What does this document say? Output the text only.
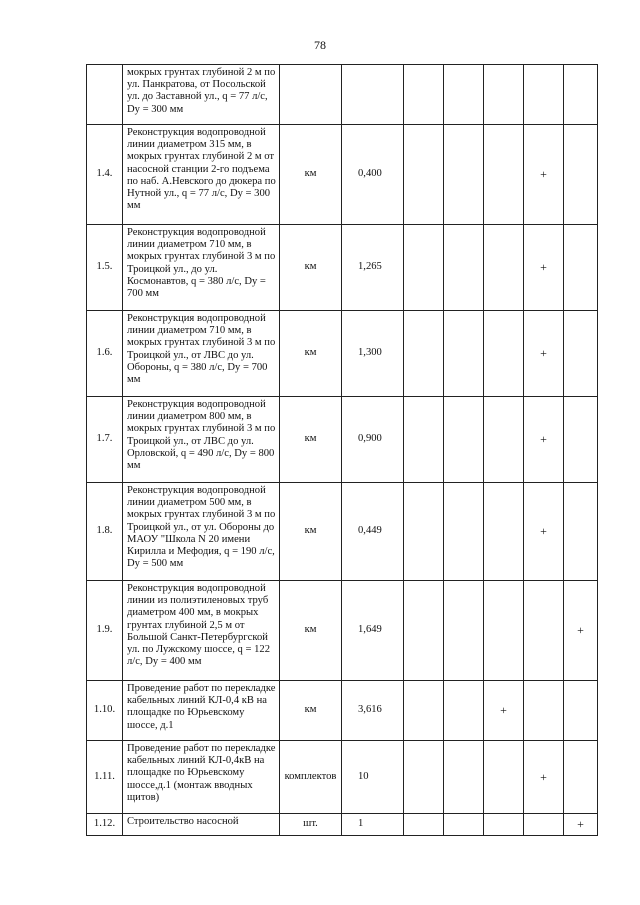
78
	мокрых грунтах глубиной 2 м по ул. Панкратова, от Посольской ул. до Заставной ул., q = 77 л/с, Dy = 300 мм							
1.4.	Реконструкция водопроводной линии диаметром 315 мм, в мокрых грунтах глубиной 2 м от насосной станции 2-го подъема по наб. А.Невского до дюкера по Нутной ул., q = 77 л/с, Dy = 300 мм	км	0,400				+	
1.5.	Реконструкция водопроводной линии диаметром 710 мм, в мокрых грунтах глубиной 3 м по Троицкой ул., до ул. Космонавтов, q = 380 л/с, Dy = 700 мм	км	1,265				+	
1.6.	Реконструкция водопроводной линии диаметром 710 мм, в мокрых грунтах глубиной 3 м по Троицкой ул., от ЛВС до ул. Обороны, q = 380 л/с, Dy = 700 мм	км	1,300				+	
1.7.	Реконструкция водопроводной линии диаметром 800 мм, в мокрых грунтах глубиной 3 м по Троицкой ул., от ЛВС до ул. Орловской, q = 490 л/с, Dy = 800 мм	км	0,900				+	
1.8.	Реконструкция водопроводной линии диаметром 500 мм, в мокрых грунтах глубиной 3 м по Троицкой ул., от ул. Обороны до МАОУ "Школа N 20 имени Кирилла и Мефодия, q = 190 л/с, Dy = 500 мм	км	0,449				+	
1.9.	Реконструкция водопроводной линии из полиэтиленовых труб диаметром 400 мм, в мокрых грунтах глубиной 2,5 м от Большой Санкт-Петербургской ул. по Лужскому шоссе, q = 122 л/с, Dy = 400 мм	км	1,649					+
1.10.	Проведение работ по перекладке кабельных линий КЛ-0,4 кВ на площадке по Юрьевскому шоссе, д.1	км	3,616			+		
1.11.	Проведение работ по перекладке кабельных линий КЛ-0,4кВ на площадке по Юрьевскому шоссе,д.1 (монтаж вводных щитов)	комплектов	10				+	
1.12.	Строительство насосной	шт.	1					+
